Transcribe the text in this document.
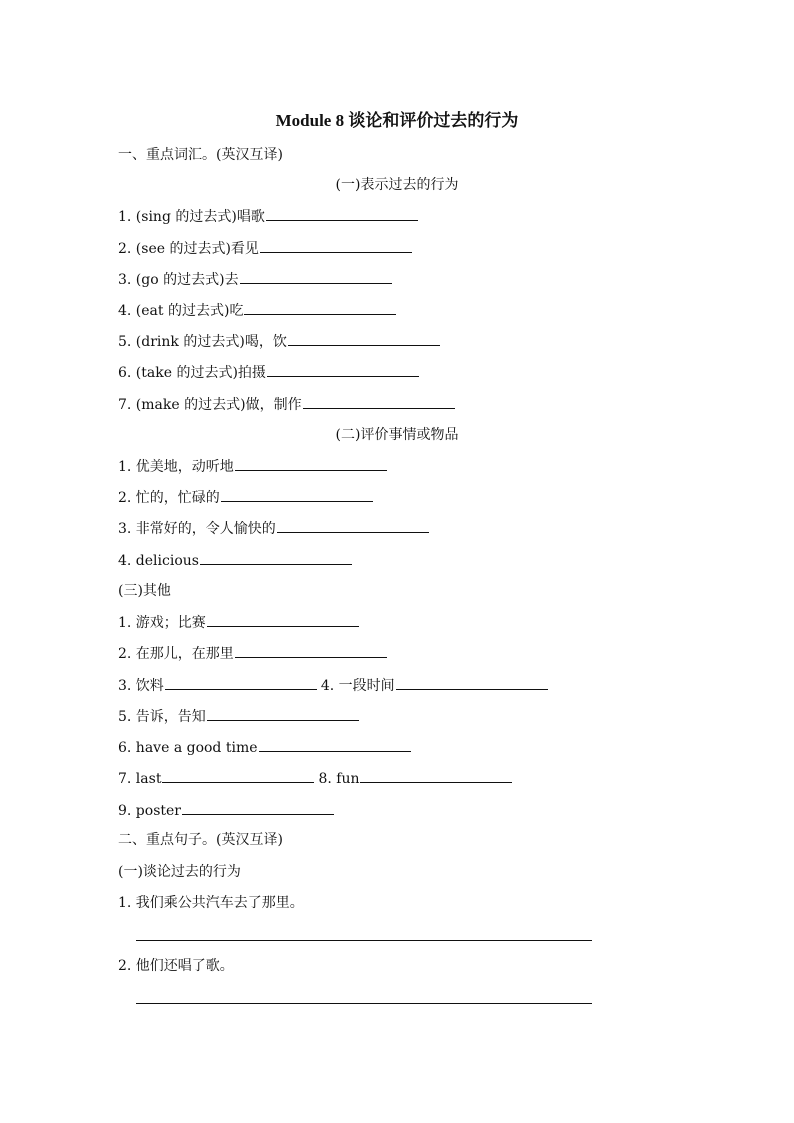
Module 8 谈论和评价过去的行为
一、重点词汇。(英汉互译)
(一)表示过去的行为
1. (sing 的过去式)唱歌
2. (see 的过去式)看见
3. (go 的过去式)去
4. (eat 的过去式)吃
5. (drink 的过去式)喝，饮
6. (take 的过去式)拍摄
7. (make 的过去式)做，制作
(二)评价事情或物品
1. 优美地，动听地
2. 忙的，忙碌的
3. 非常好的，令人愉快的
4. delicious
(三)其他
1. 游戏；比赛
2. 在那儿，在那里
3. 饮料	4. 一段时间
5. 告诉，告知
6. have a good time
7. last	8. fun
9. poster
二、重点句子。(英汉互译)
(一)谈论过去的行为
1. 我们乘公共汽车去了那里。
2. 他们还唱了歌。
